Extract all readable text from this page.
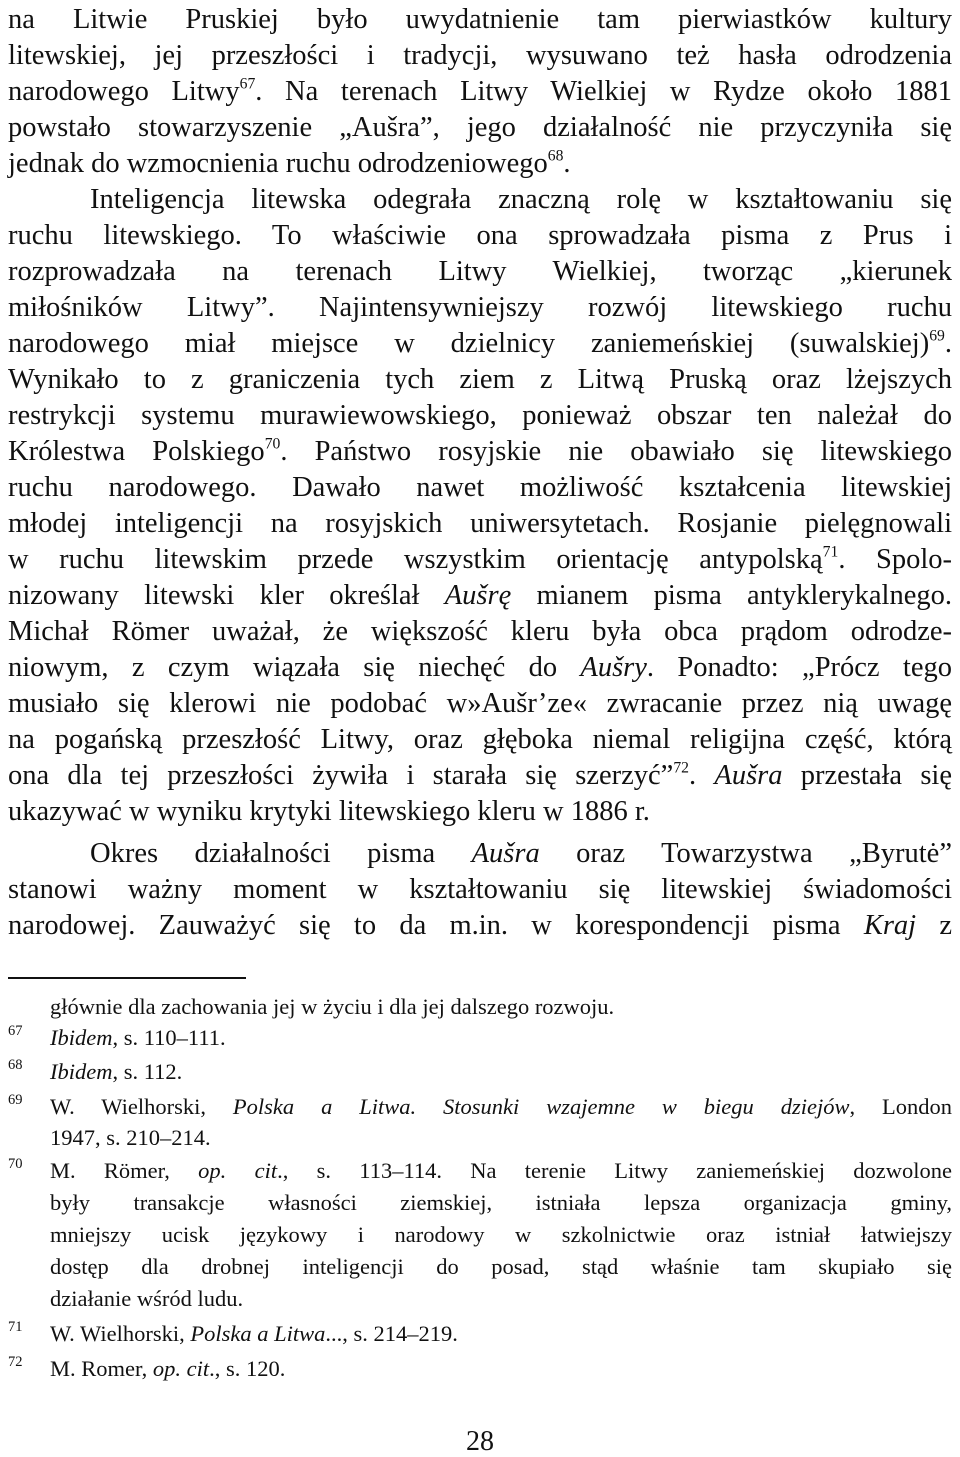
na Litwie Pruskiej było uwydatnienie tam pierwiastków kultury
litewskiej, jej przeszłości i tradycji, wysuwano też hasła odrodzenia
narodowego Litwy$^{67}$. Na terenach Litwy Wielkiej w Rydze około 1881
powstało stowarzyszenie „Aušra”, jego działalność nie przyczyniła się
jednak do wzmocnienia ruchu odrodzeniowego$^{68}$.
Inteligencja litewska odegrała znaczną rolę w kształtowaniu się
ruchu litewskiego. To właściwie ona sprowadzała pisma z Prus i
rozprowadzała na terenach Litwy Wielkiej, tworząc „kierunek
miłośników Litwy”. Najintensywniejszy rozwój litewskiego ruchu
narodowego miał miejsce w dzielnicy zaniemeńskiej (suwalskiej)$^{69}$.
Wynikało to z graniczenia tych ziem z Litwą Pruską oraz lżejszych
restrykcji systemu murawiewowskiego, ponieważ obszar ten należał do
Królestwa Polskiego$^{70}$. Państwo rosyjskie nie obawiało się litewskiego
ruchu narodowego. Dawało nawet możliwość kształcenia litewskiej
młodej inteligencji na rosyjskich uniwersytetach. Rosjanie pielęgnowali
w ruchu litewskim przede wszystkim orientację antypolską$^{71}$. Spolo-
nizowany litewski kler określał Aušrę mianem pisma antyklerykalnego.
Michał Römer uważał, że większość kleru była obca prądom odrodze-
niowym, z czym wiązała się niechęć do Aušry. Ponadto: „Prócz tego
musiało się klerowi nie podobać w»Aušr’ze« zwracanie przez nią uwagę
na pogańską przeszłość Litwy, oraz głęboka niemal religijna część, którą
ona dla tej przeszłości żywiła i starała się szerzyć”$^{72}$. Aušra przestała się
ukazywać w wyniku krytyki litewskiego kleru w 1886 r.
Okres działalności pisma Aušra oraz Towarzystwa „Byrutė”
stanowi ważny moment w kształtowaniu się litewskiej świadomości
narodowej. Zauważyć się to da m.in. w korespondencji pisma Kraj z
głównie dla zachowania jej w życiu i dla jej dalszego rozwoju.
67 Ibidem, s. 110–111.
68 Ibidem, s. 112.
69 W. Wielhorski, Polska a Litwa. Stosunki wzajemne w biegu dziejów, London
1947, s. 210–214.
70 M. Römer, op. cit., s. 113–114. Na terenie Litwy zaniemeńskiej dozwolone
były transakcje własności ziemskiej, istniała lepsza organizacja gminy,
mniejszy ucisk językowy i narodowy w szkolnictwie oraz istniał łatwiejszy
dostęp dla drobnej inteligencji do posad, stąd właśnie tam skupiało się
działanie wśród ludu.
71 W. Wielhorski, Polska a Litwa..., s. 214–219.
72 M. Romer, op. cit., s. 120.
28
